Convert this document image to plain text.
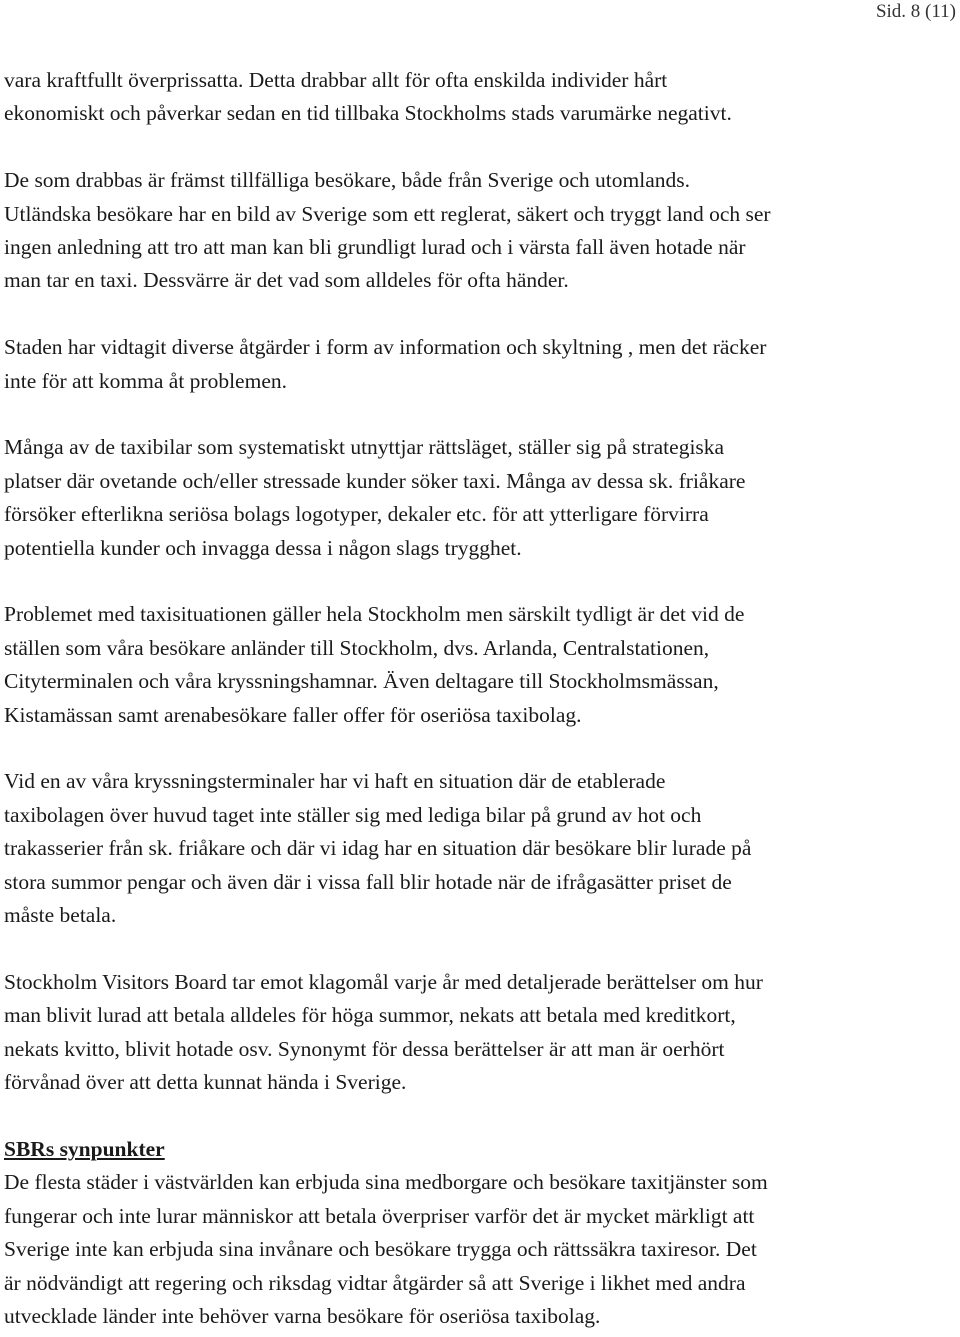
Sid. 8 (11)

vara kraftfullt överprissatta. Detta drabbar allt för ofta enskilda individer hårt
ekonomiskt och påverkar sedan en tid tillbaka Stockholms stads varumärke negativt.

De som drabbas är främst tillfälliga besökare, både från Sverige och utomlands.
Utländska besökare har en bild av Sverige som ett reglerat, säkert och tryggt land och ser
ingen anledning att tro att man kan bli grundligt lurad och i värsta fall även hotade när
man tar en taxi. Dessvärre är det vad som alldeles för ofta händer.

Staden har vidtagit diverse åtgärder i form av information och skyltning , men det räcker
inte för att komma åt problemen.

Många av de taxibilar som systematiskt utnyttjar rättsläget, ställer sig på strategiska
platser där ovetande och/eller stressade kunder söker taxi. Många av dessa sk. friåkare
försöker efterlikna seriösa bolags logotyper, dekaler etc. för att ytterligare förvirra
potentiella kunder och invagga dessa i någon slags trygghet.

Problemet med taxisituationen gäller hela Stockholm men särskilt tydligt är det vid de
ställen som våra besökare anländer till Stockholm, dvs. Arlanda, Centralstationen,
Cityterminalen och våra kryssningshamnar. Även deltagare till Stockholmsmässan,
Kistamässan samt arenabesökare faller offer för oseriösa taxibolag.

Vid en av våra kryssningsterminaler har vi haft en situation där de etablerade
taxibolagen över huvud taget inte ställer sig med lediga bilar på grund av hot och
trakasserier från sk. friåkare och där vi idag har en situation där besökare blir lurade på
stora summor pengar och även där i vissa fall blir hotade när de ifrågasätter priset de
måste betala.

Stockholm Visitors Board tar emot klagomål varje år med detaljerade berättelser om hur
man blivit lurad att betala alldeles för höga summor, nekats att betala med kreditkort,
nekats kvitto, blivit hotade osv. Synonymt för dessa berättelser är att man är oerhört
förvånad över att detta kunnat hända i Sverige.

SBRs synpunkter
De flesta städer i västvärlden kan erbjuda sina medborgare och besökare taxitjänster som
fungerar och inte lurar människor att betala överpriser varför det är mycket märkligt att
Sverige inte kan erbjuda sina invånare och besökare trygga och rättssäkra taxiresor. Det
är nödvändigt att regering och riksdag vidtar åtgärder så att Sverige i likhet med andra
utvecklade länder inte behöver varna besökare för oseriösa taxibolag.
